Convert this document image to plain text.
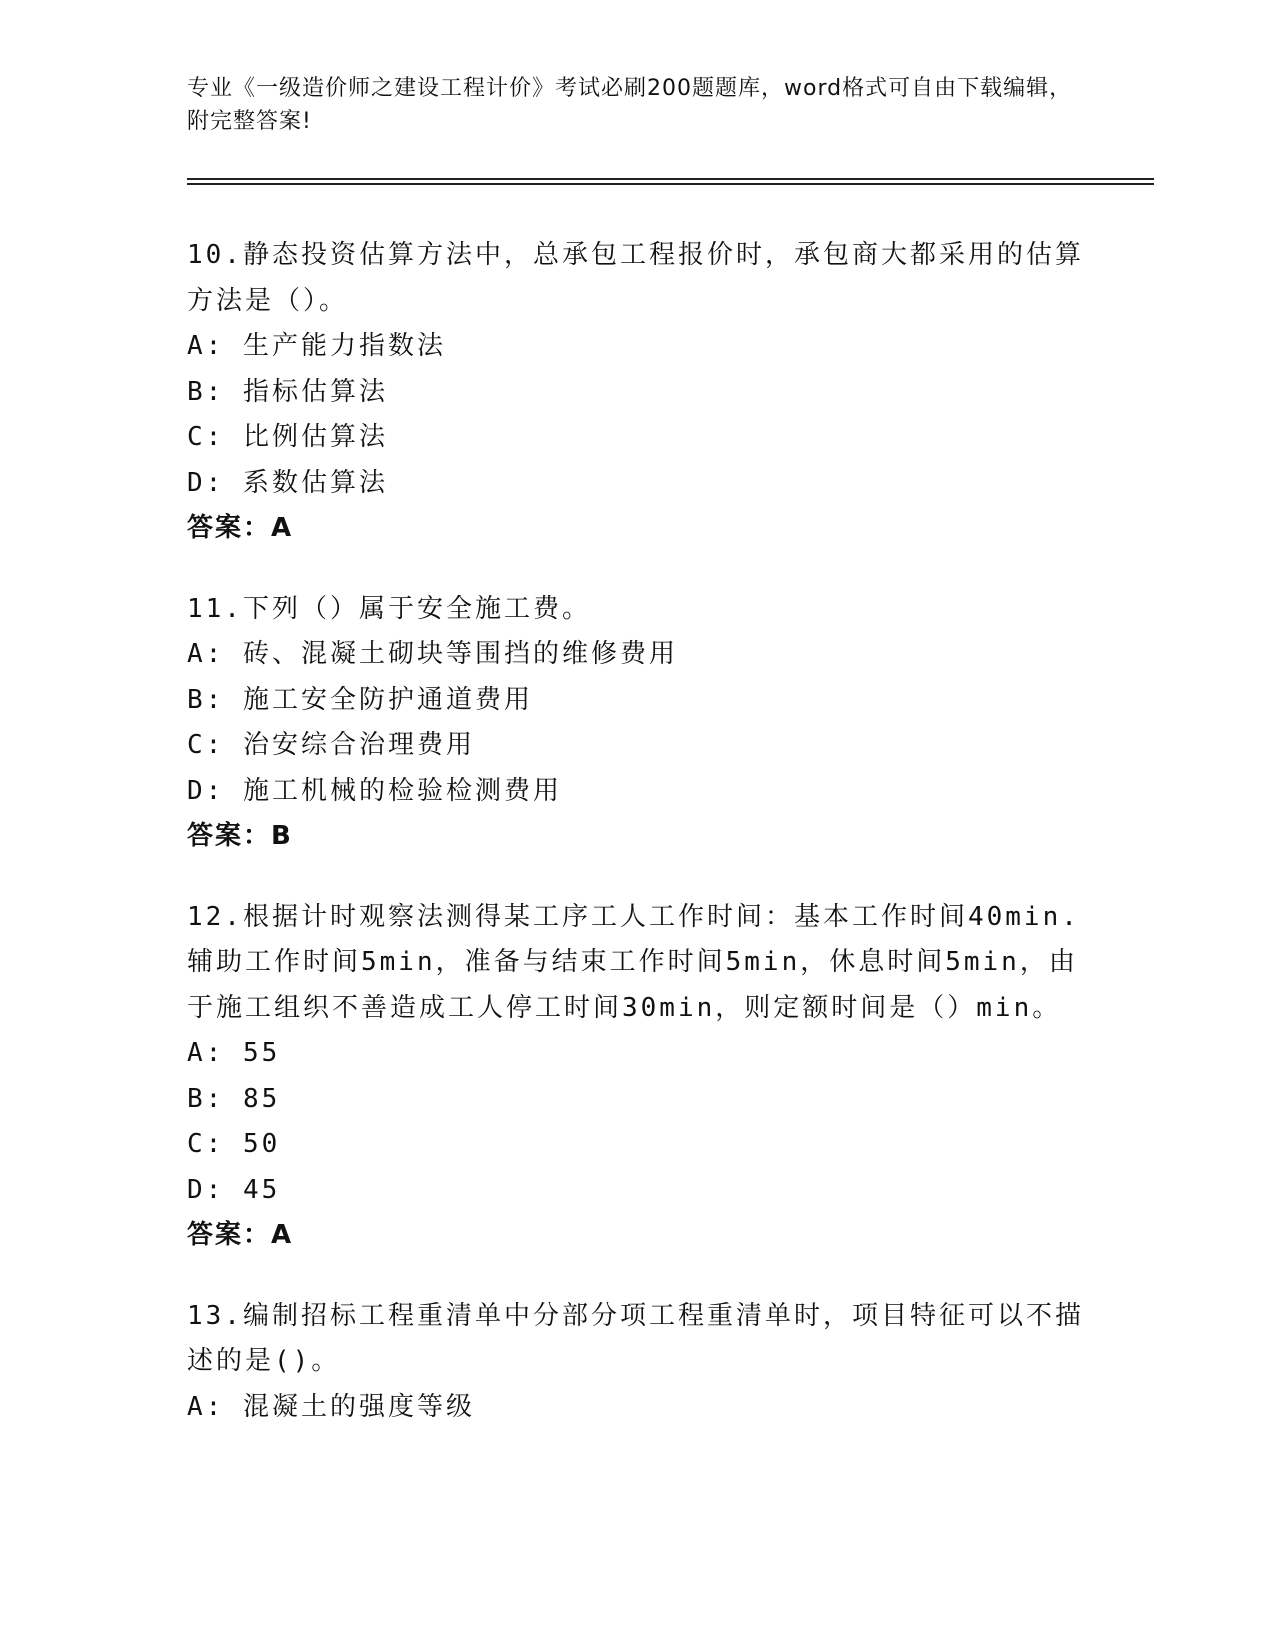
专业《一级造价师之建设工程计价》考试必刷200题题库，word格式可自由下载编辑，附完整答案!

10.静态投资估算方法中，总承包工程报价时，承包商大都采用的估算方法是（）。

A: 生产能力指数法

B: 指标估算法

C: 比例估算法

D: 系数估算法

答案：A

11.下列（）属于安全施工费。

A: 砖、混凝土砌块等围挡的维修费用

B: 施工安全防护通道费用

C: 治安综合治理费用

D: 施工机械的检验检测费用

答案：B

12.根据计时观察法测得某工序工人工作时间：基本工作时间40min.辅助工作时间5min，准备与结束工作时间5min，休息时间5min，由于施工组织不善造成工人停工时间30min，则定额时间是（）min。

A: 55

B: 85

C: 50

D: 45

答案：A

13.编制招标工程重清单中分部分项工程重清单时，项目特征可以不描述的是()。

A: 混凝土的强度等级
